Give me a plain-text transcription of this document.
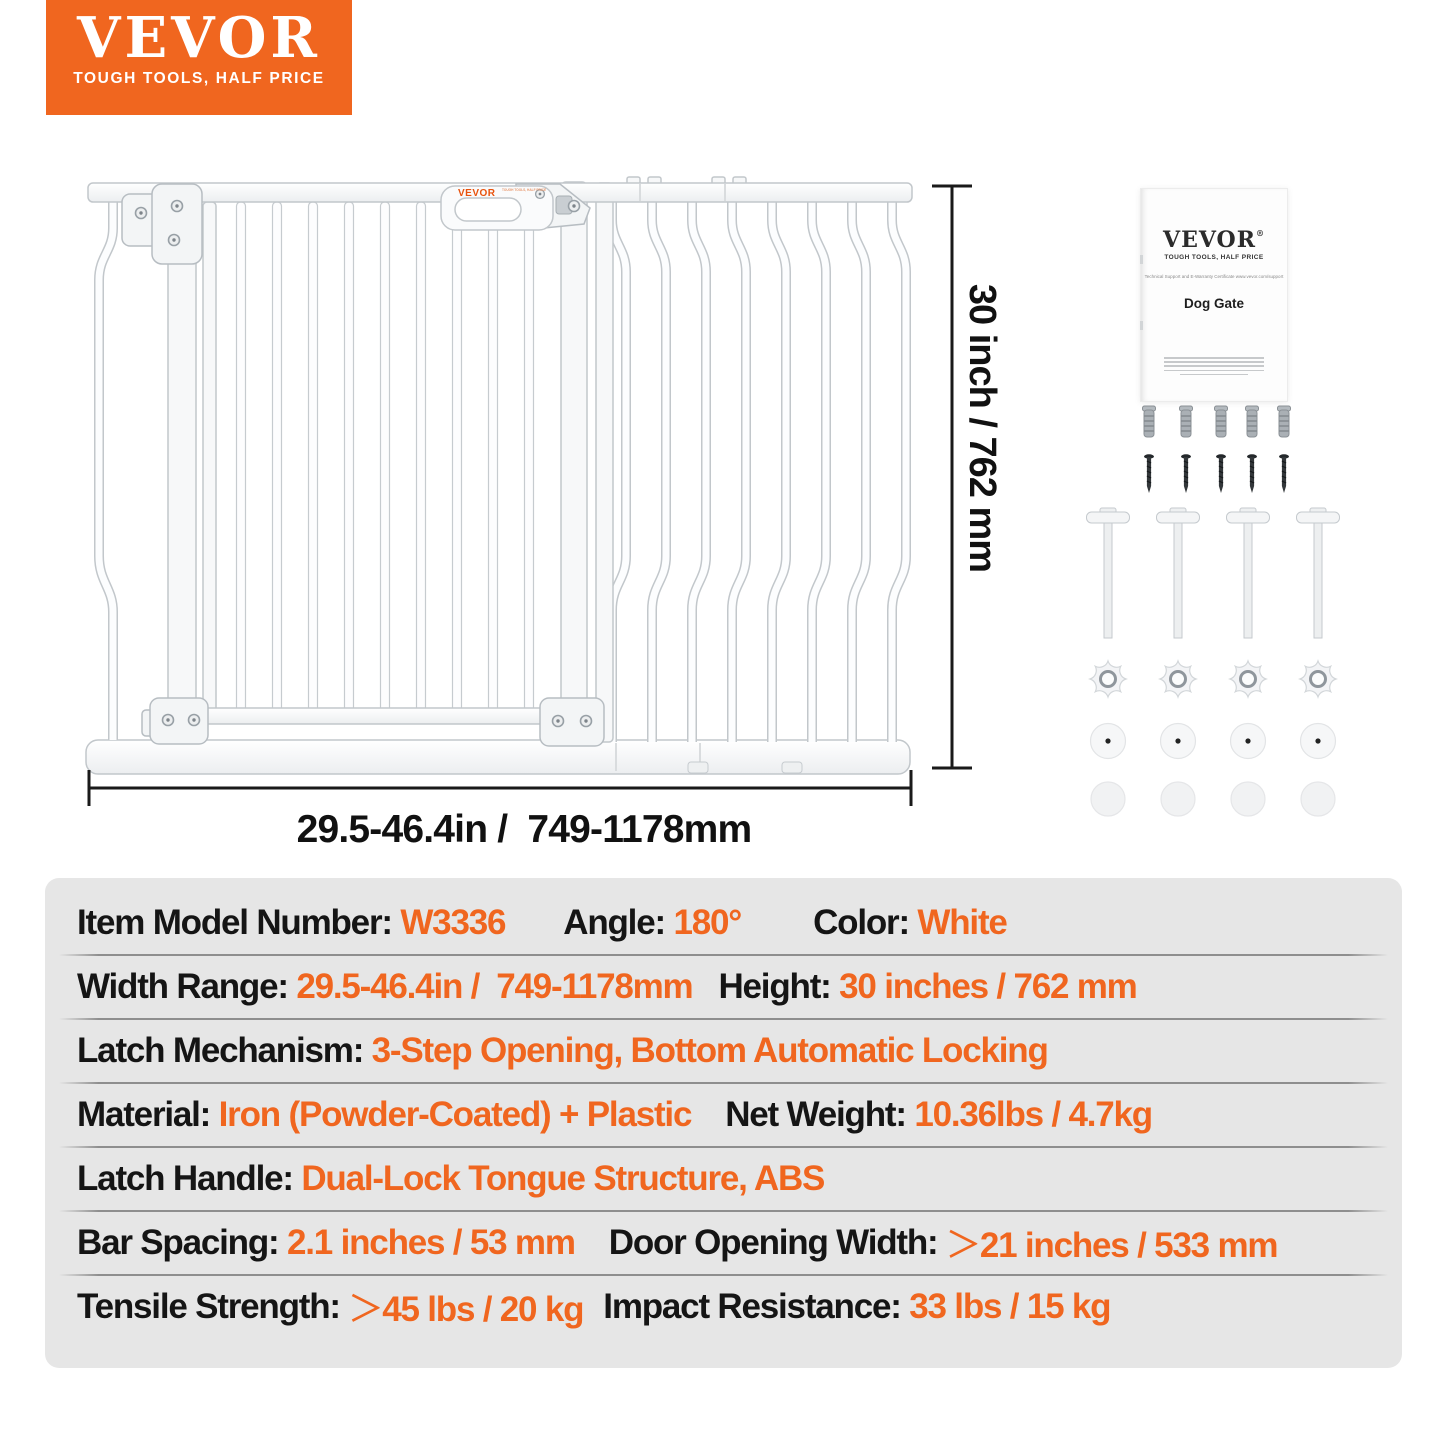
VEVOR TOUGH TOOLS, HALF PRICE
VEVOR
TOUGH TOOLS, HALF PRICE
30 inch / 762 mm
29.5-46.4in /  749-1178mm
VEVOR®
TOUGH TOOLS, HALF PRICE
Technical Support and E-Warranty Certificate www.vevor.com/support
Dog Gate
Item Model Number: W3336 Angle: 180° Color: White
Width Range: 29.5-46.4in /  749-1178mm Height: 30 inches / 762 mm
Latch Mechanism: 3-Step Opening, Bottom Automatic Locking
Material: Iron (Powder-Coated) + Plastic Net Weight: 10.36lbs / 4.7kg
Latch Handle: Dual-Lock Tongue Structure, ABS
Bar Spacing: 2.1 inches / 53 mm Door Opening Width: ＞21 inches / 533 mm
Tensile Strength: ＞45 lbs / 20 kg Impact Resistance: 33 lbs / 15 kg
